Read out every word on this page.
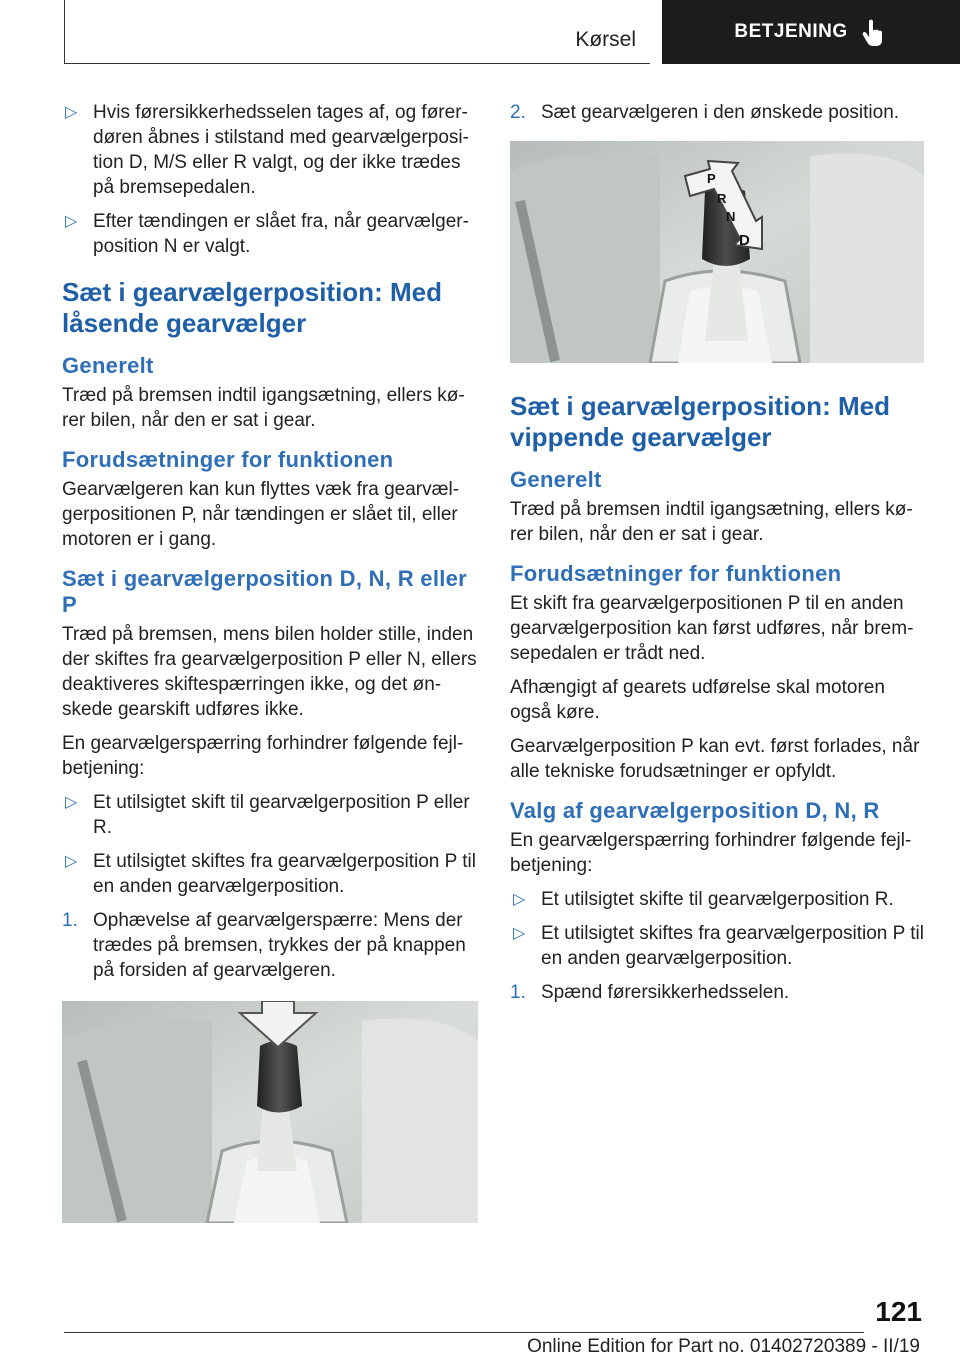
Kørsel	BETJENING
▷ Hvis førersikkerhedsselen tages af, og førerdøren åbnes i stilstand med gearvælgerposition D, M/S eller R valgt, og der ikke trædes på bremsepedalen.
▷ Efter tændingen er slået fra, når gearvælgerposition N er valgt.
Sæt i gearvælgerposition: Med låsende gearvælger
Generelt

Træd på bremsen indtil igangsætning, ellers kører bilen, når den er sat i gear.

Forudsætninger for funktionen

Gearvælgeren kan kun flyttes væk fra gearvælgerpositionen P, når tændingen er slået til, eller motoren er i gang.

Sæt i gearvælgerposition D, N, R eller P

Træd på bremsen, mens bilen holder stille, inden der skiftes fra gearvælgerposition P eller N, ellers deaktiveres skiftespærringen ikke, og det ønskede gearskift udføres ikke.

En gearvælgerspærring forhindrer følgende fejlbetjening:

▷ Et utilsigtet skift til gearvælgerposition P eller R.
▷ Et utilsigtet skiftes fra gearvælgerposition P til en anden gearvælgerposition.
1. Ophævelse af gearvælgerspærre: Mens der trædes på bremsen, trykkes der på knappen på forsiden af gearvælgeren.
2. Sæt gearvælgeren i den ønskede position.
P
R
N
D
Sæt i gearvælgerposition: Med vippende gearvælger
Generelt

Træd på bremsen indtil igangsætning, ellers kører bilen, når den er sat i gear.

Forudsætninger for funktionen

Et skift fra gearvælgerpositionen P til en anden gearvælgerposition kan først udføres, når bremsepedalen er trådt ned.

Afhængigt af gearets udførelse skal motoren også køre.

Gearvælgerposition P kan evt. først forlades, når alle tekniske forudsætninger er opfyldt.

Valg af gearvælgerposition D, N, R

En gearvælgerspærring forhindrer følgende fejlbetjening:

▷ Et utilsigtet skifte til gearvælgerposition R.
▷ Et utilsigtet skiftes fra gearvælgerposition P til en anden gearvælgerposition.
1. Spænd førersikkerhedsselen.
121
Online Edition for Part no. 01402720389 - II/19
